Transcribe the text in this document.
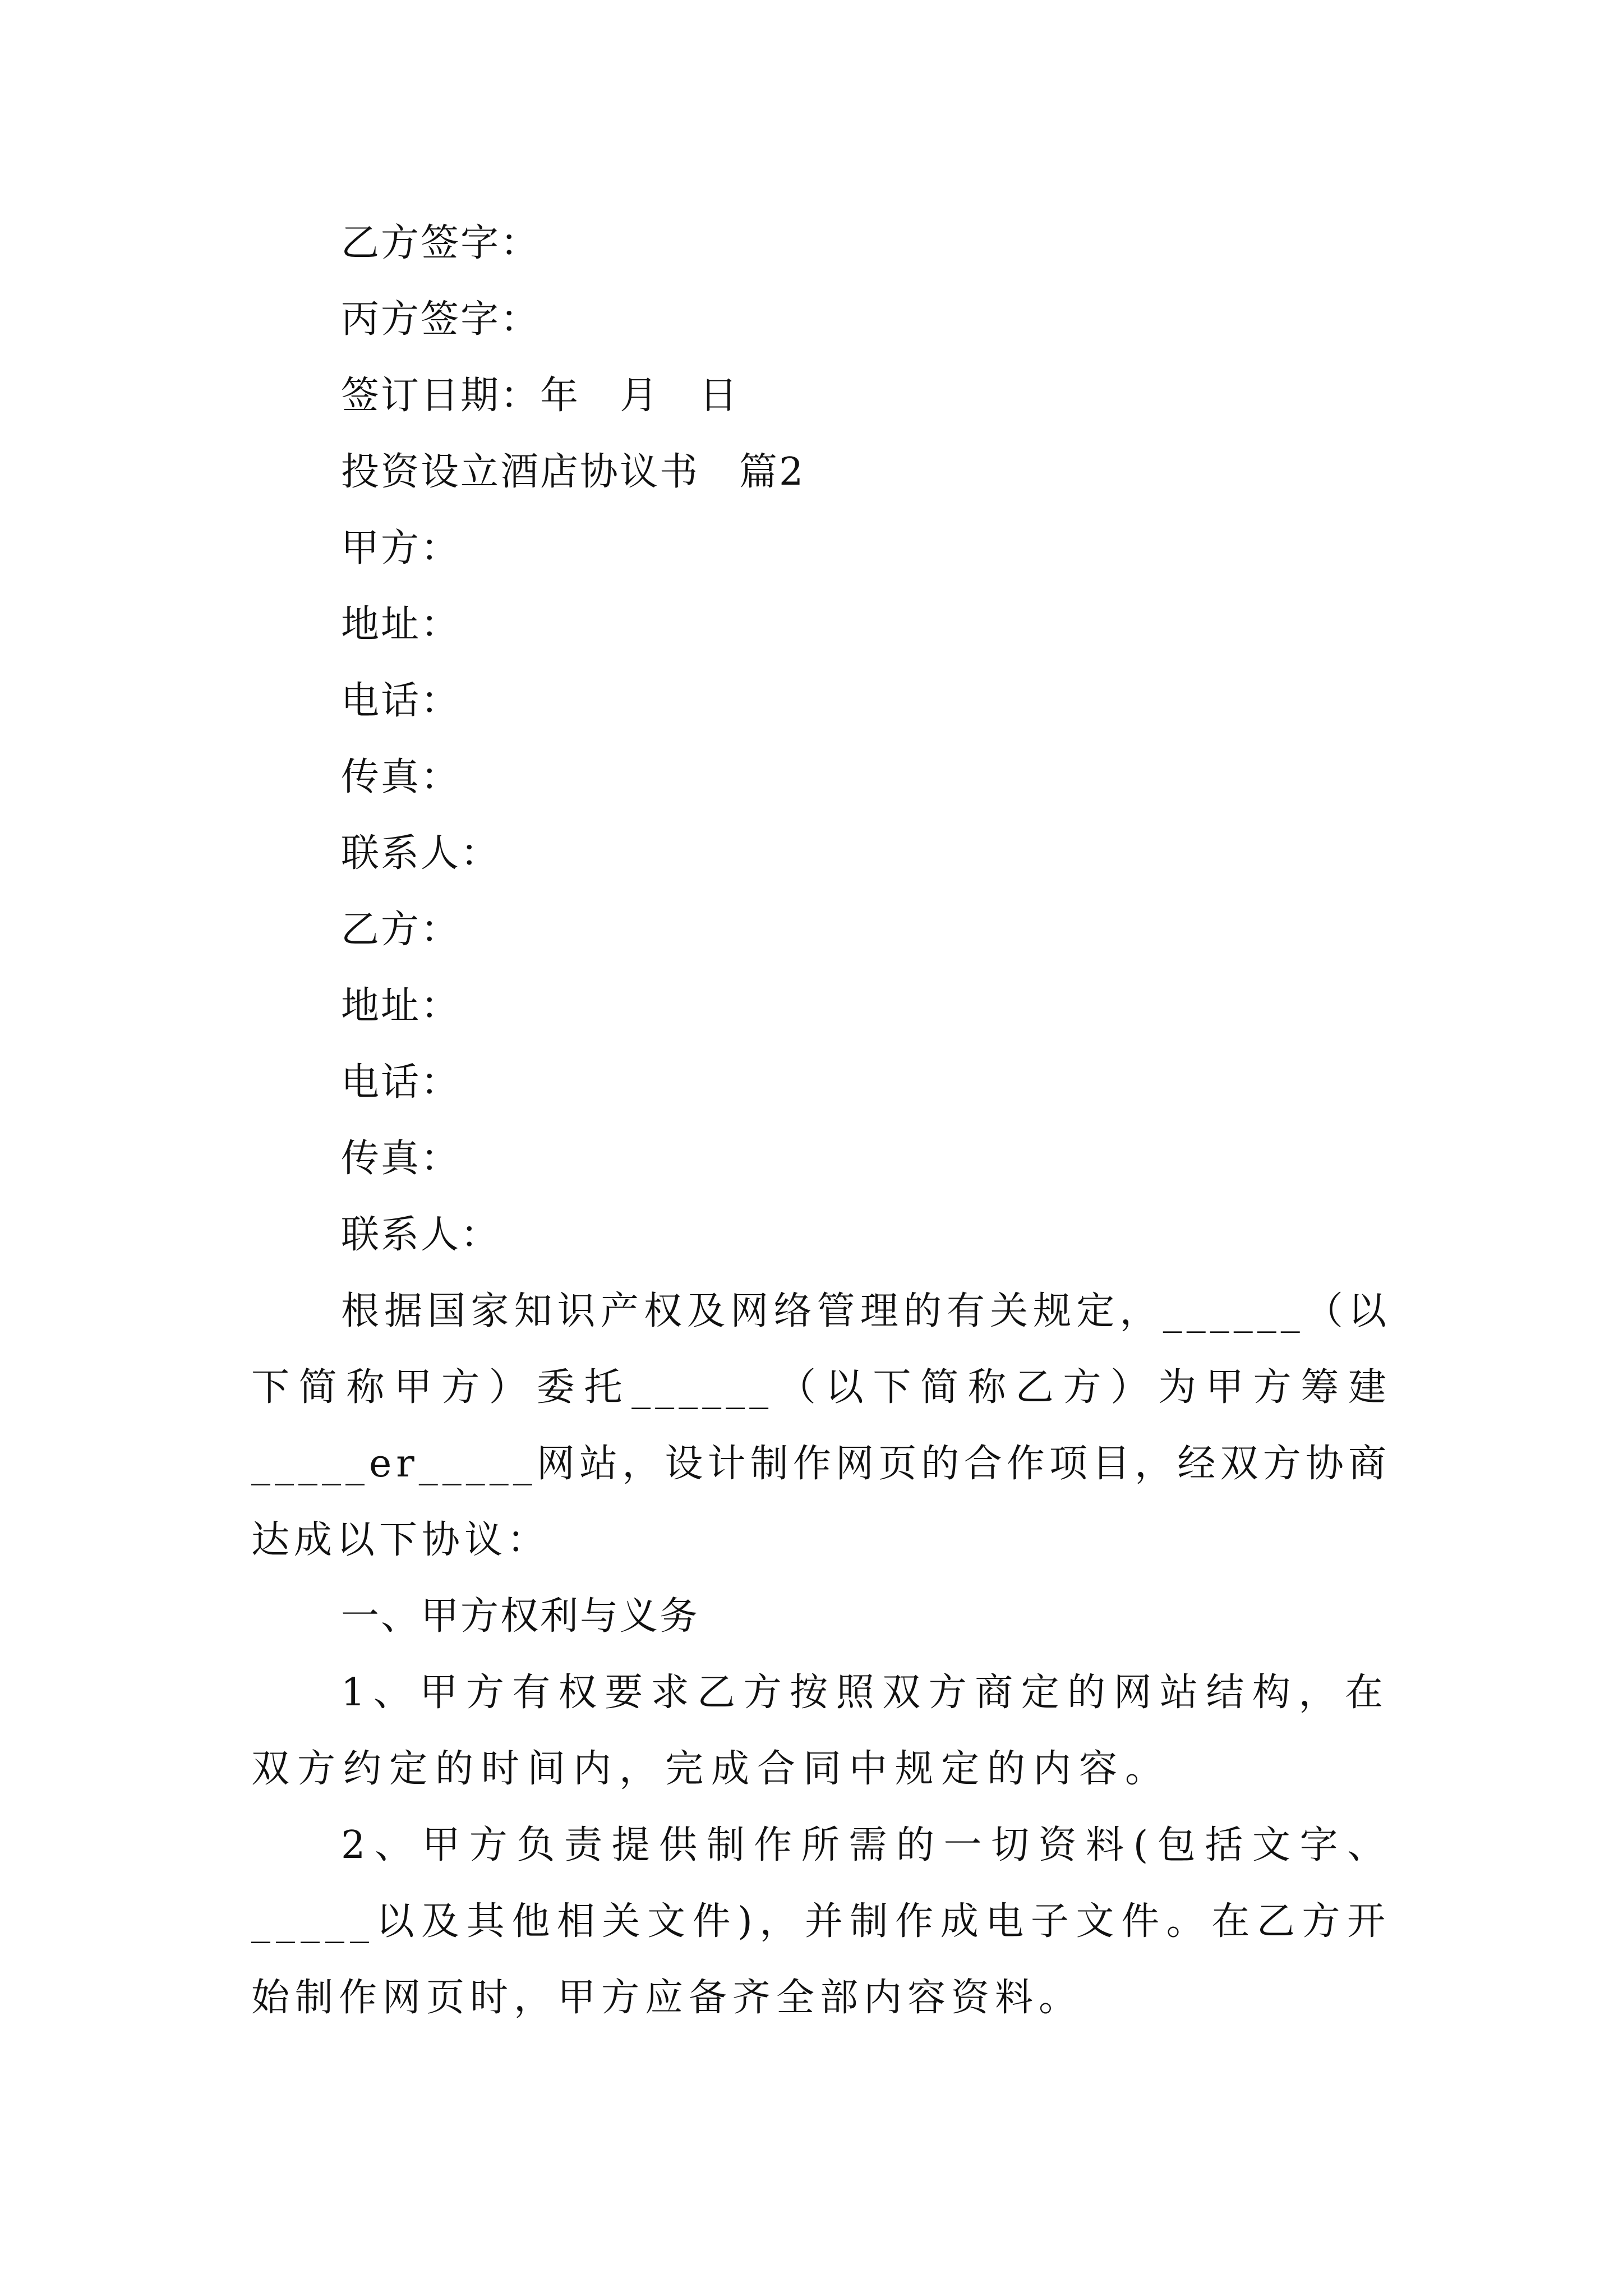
乙方签字：

丙方签字：

签订日期：年　月　日

投资设立酒店协议书　篇2

甲方：

地址：

电话：

传真：

联系人：

乙方：

地址：

电话：

传真：

联系人：

根据国家知识产权及网络管理的有关规定，______（以下简称甲方）委托______（以下简称乙方）为甲方筹建_____er_____网站，设计制作网页的合作项目，经双方协商达成以下协议：

一、甲方权利与义务

1、甲方有权要求乙方按照双方商定的网站结构，在双方约定的时间内，完成合同中规定的内容。

2、甲方负责提供制作所需的一切资料(包括文字、_____以及其他相关文件)，并制作成电子文件。在乙方开始制作网页时，甲方应备齐全部内容资料。
